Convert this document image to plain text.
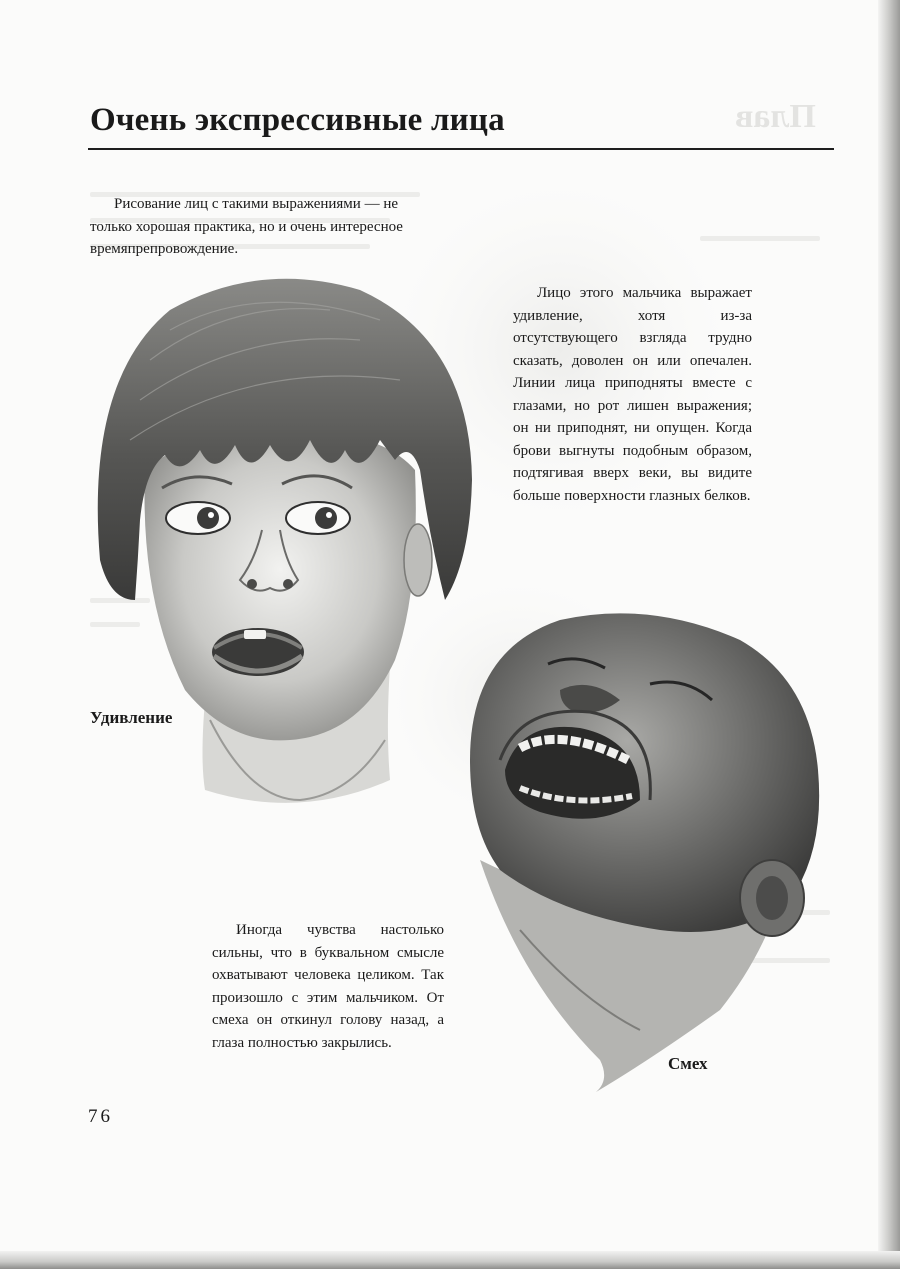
Плав
Очень экспрессивные лица

Рисование лиц с такими выражениями — не только хорошая практика, но и очень интересное времяпрепровождение.

Лицо этого мальчика выражает удивление, хотя из-за отсутствующего взгляда трудно сказать, доволен он или опечален. Линии лица приподняты вместе с глазами, но рот лишен выражения; он ни приподнят, ни опущен. Когда брови выгнуты подобным образом, подтягивая вверх веки, вы видите больше поверхности глазных белков.

Иногда чувства настолько сильны, что в буквальном смысле охватывают человека целиком. Так произошло с этим мальчиком. От смеха он откинул голову назад, а глаза полностью закрылись.

Удивление

Смех

76
